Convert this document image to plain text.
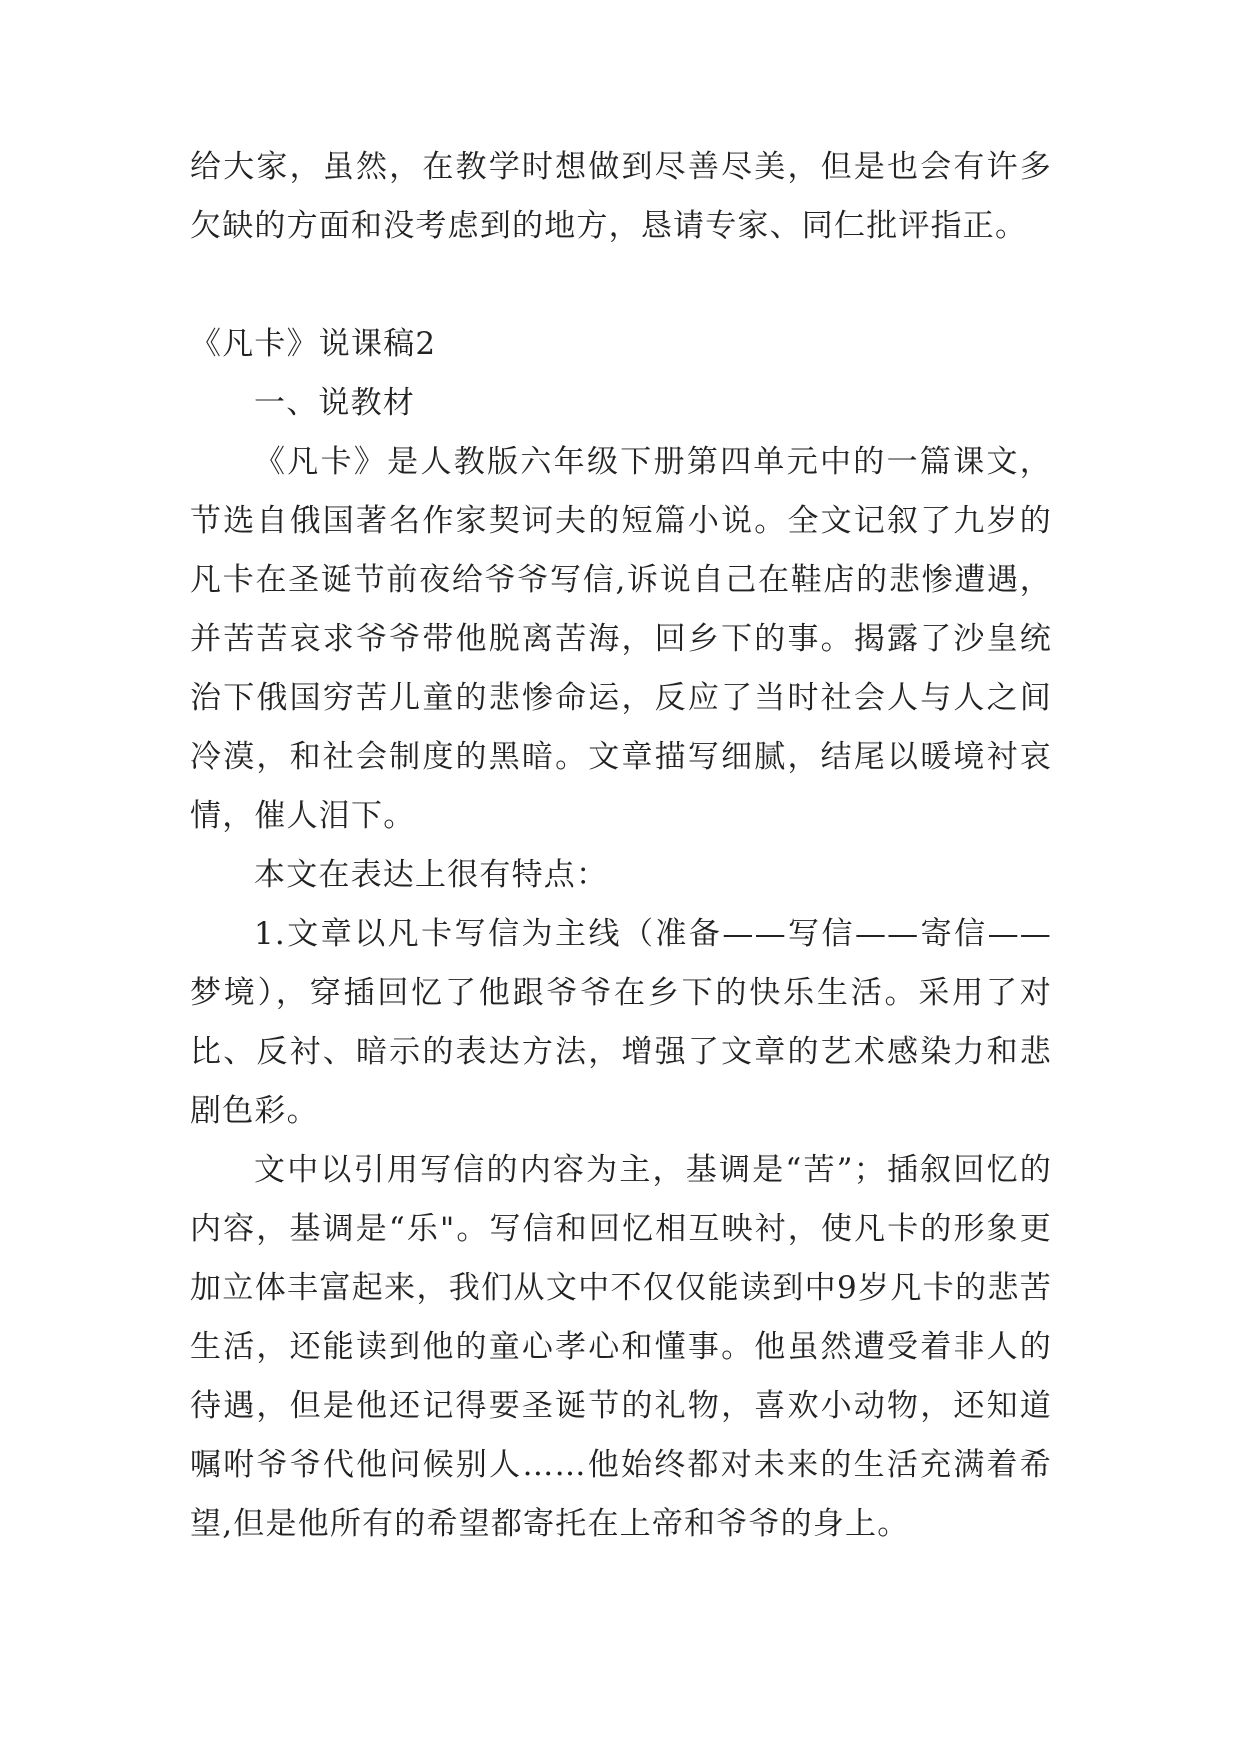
给大家，虽然，在教学时想做到尽善尽美，但是也会有许多欠缺的方面和没考虑到的地方，恳请专家、同仁批评指正。

《凡卡》说课稿2

一、说教材

《凡卡》是人教版六年级下册第四单元中的一篇课文，节选自俄国著名作家契诃夫的短篇小说。全文记叙了九岁的凡卡在圣诞节前夜给爷爷写信,诉说自己在鞋店的悲惨遭遇，并苦苦哀求爷爷带他脱离苦海，回乡下的事。揭露了沙皇统治下俄国穷苦儿童的悲惨命运，反应了当时社会人与人之间冷漠，和社会制度的黑暗。文章描写细腻，结尾以暖境衬哀情，催人泪下。

本文在表达上很有特点：

1.文章以凡卡写信为主线（准备——写信——寄信——梦境），穿插回忆了他跟爷爷在乡下的快乐生活。采用了对比、反衬、暗示的表达方法，增强了文章的艺术感染力和悲剧色彩。

文中以引用写信的内容为主，基调是“苦”；插叙回忆的内容，基调是“乐"。写信和回忆相互映衬，使凡卡的形象更加立体丰富起来，我们从文中不仅仅能读到中9岁凡卡的悲苦生活，还能读到他的童心孝心和懂事。他虽然遭受着非人的待遇，但是他还记得要圣诞节的礼物，喜欢小动物，还知道嘱咐爷爷代他问候别人……他始终都对未来的生活充满着希望,但是他所有的希望都寄托在上帝和爷爷的身上。
